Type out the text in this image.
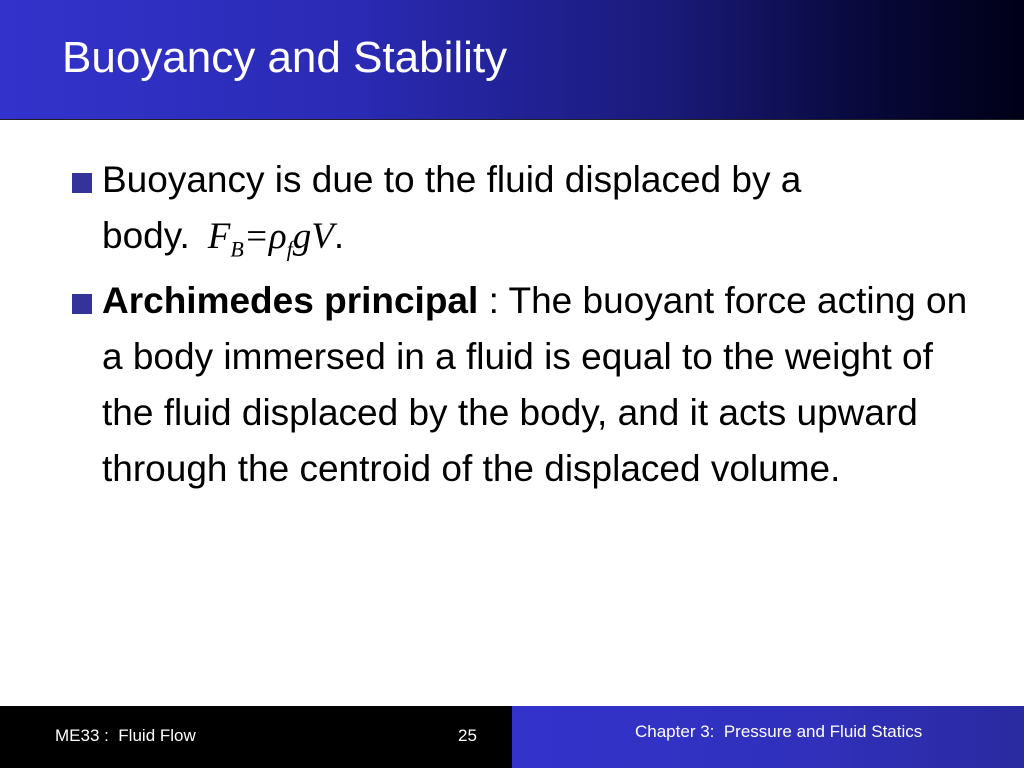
Buoyancy and Stability
Buoyancy is due to the fluid displaced by a body. $F_B=\rho_fgV$.
Archimedes principal : The buoyant force acting on a body immersed in a fluid is equal to the weight of the fluid displaced by the body, and it acts upward through the centroid of the displaced volume.
ME33 :  Fluid Flow	25	Chapter 3:  Pressure and Fluid Statics
